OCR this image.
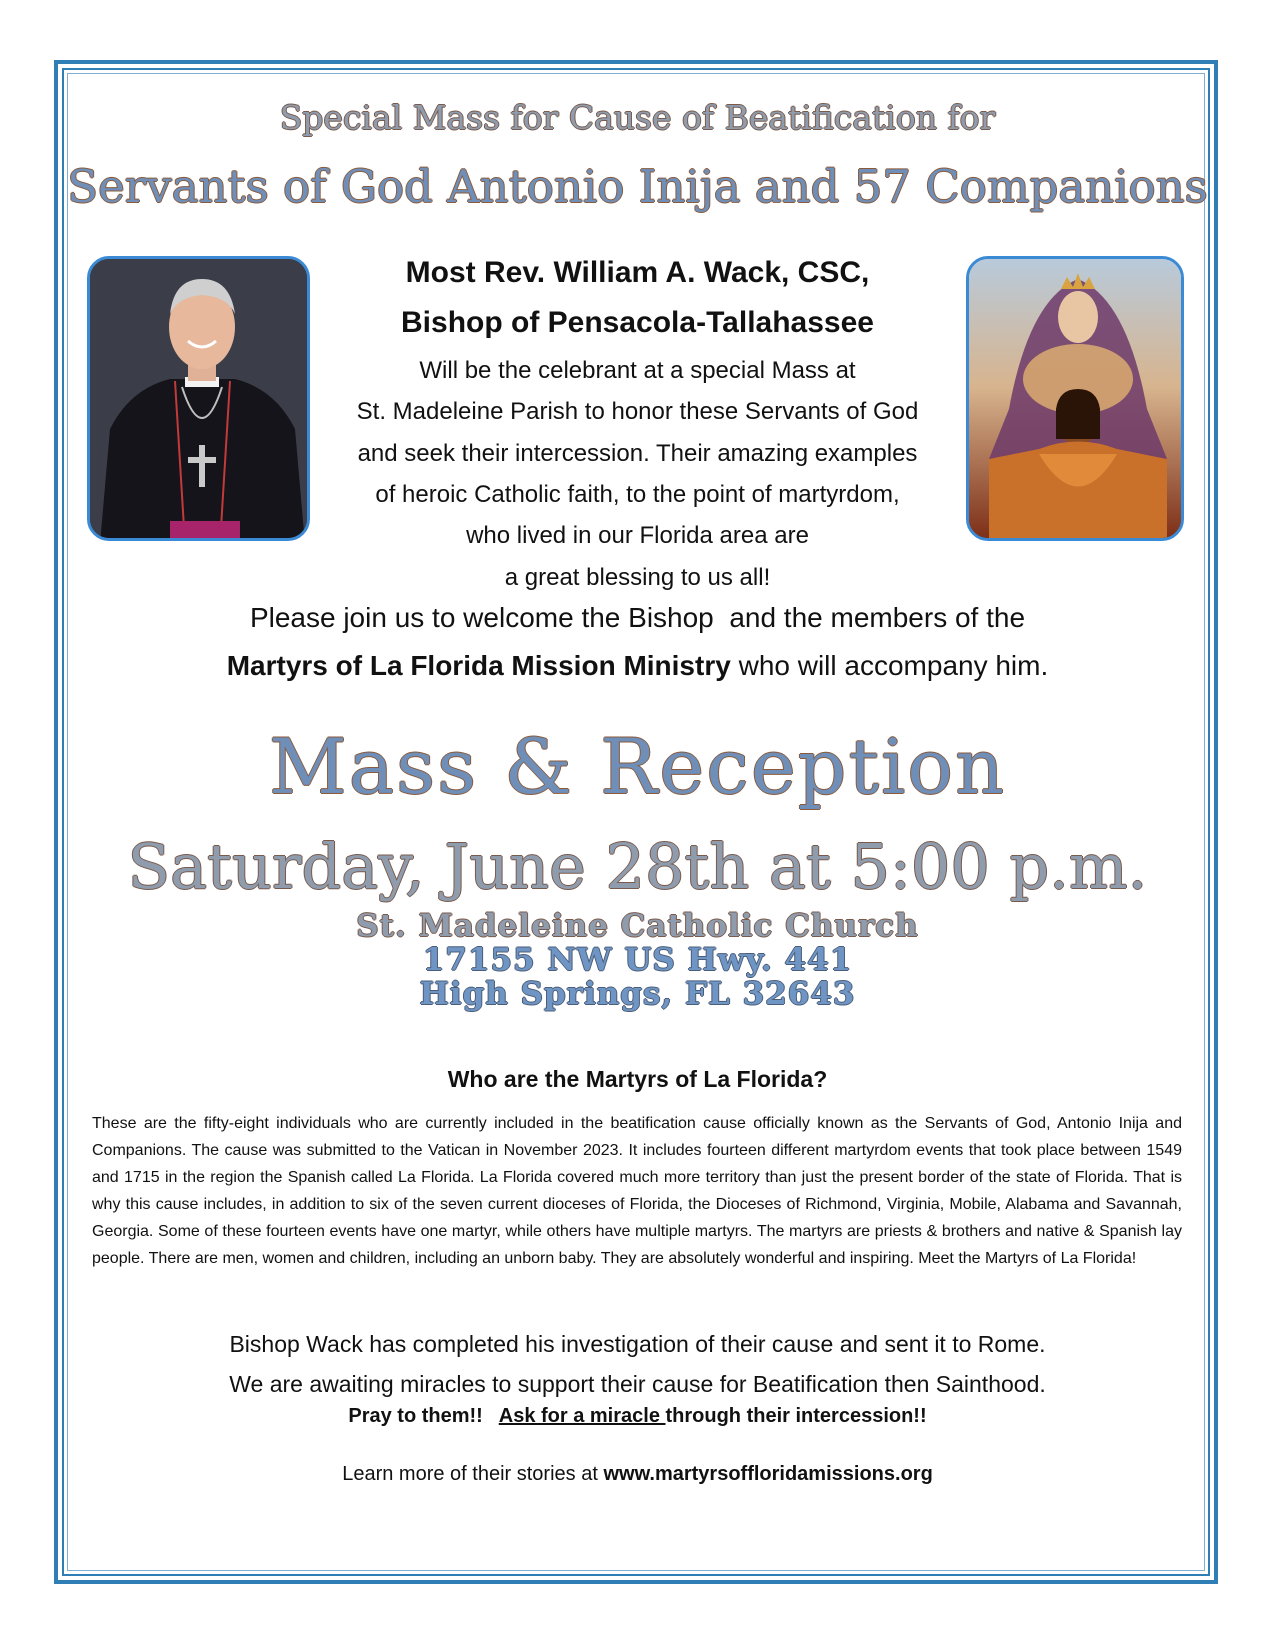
Special Mass for Cause of Beatification for
Servants of God Antonio Inija and 57 Companions
Most Rev. William A. Wack, CSC,
Bishop of Pensacola-Tallahassee
Will be the celebrant at a special Mass at
St. Madeleine Parish to honor these Servants of God
and seek their intercession. Their amazing examples
of heroic Catholic faith, to the point of martyrdom,
who lived in our Florida area are
a great blessing to us all!
Please join us to welcome the Bishop  and the members of the
Martyrs of La Florida Mission Ministry who will accompany him.
Mass & Reception
Saturday, June 28th at 5:00 p.m.
St. Madeleine Catholic Church
17155 NW US Hwy. 441
High Springs, FL 32643
Who are the Martyrs of La Florida?
These are the fifty-eight individuals who are currently included in the beatification cause officially known as the Servants of God, Antonio Inija and Companions. The cause was submitted to the Vatican in November 2023. It includes fourteen different martyrdom events that took place between 1549 and 1715 in the region the Spanish called La Florida. La Florida covered much more territory than just the present border of the state of Florida. That is why this cause includes, in addition to six of the seven current dioceses of Florida, the Dioceses of Richmond, Virginia, Mobile, Alabama and Savannah, Georgia. Some of these fourteen events have one martyr, while others have multiple martyrs. The martyrs are priests & brothers and native & Spanish lay people. There are men, women and children, including an unborn baby. They are absolutely wonderful and inspiring. Meet the Martyrs of La Florida!
Bishop Wack has completed his investigation of their cause and sent it to Rome.
We are awaiting miracles to support their cause for Beatification then Sainthood.
Pray to them!!   Ask for a miracle through their intercession!!
Learn more of their stories at www.martyrsoffloridamissions.org
